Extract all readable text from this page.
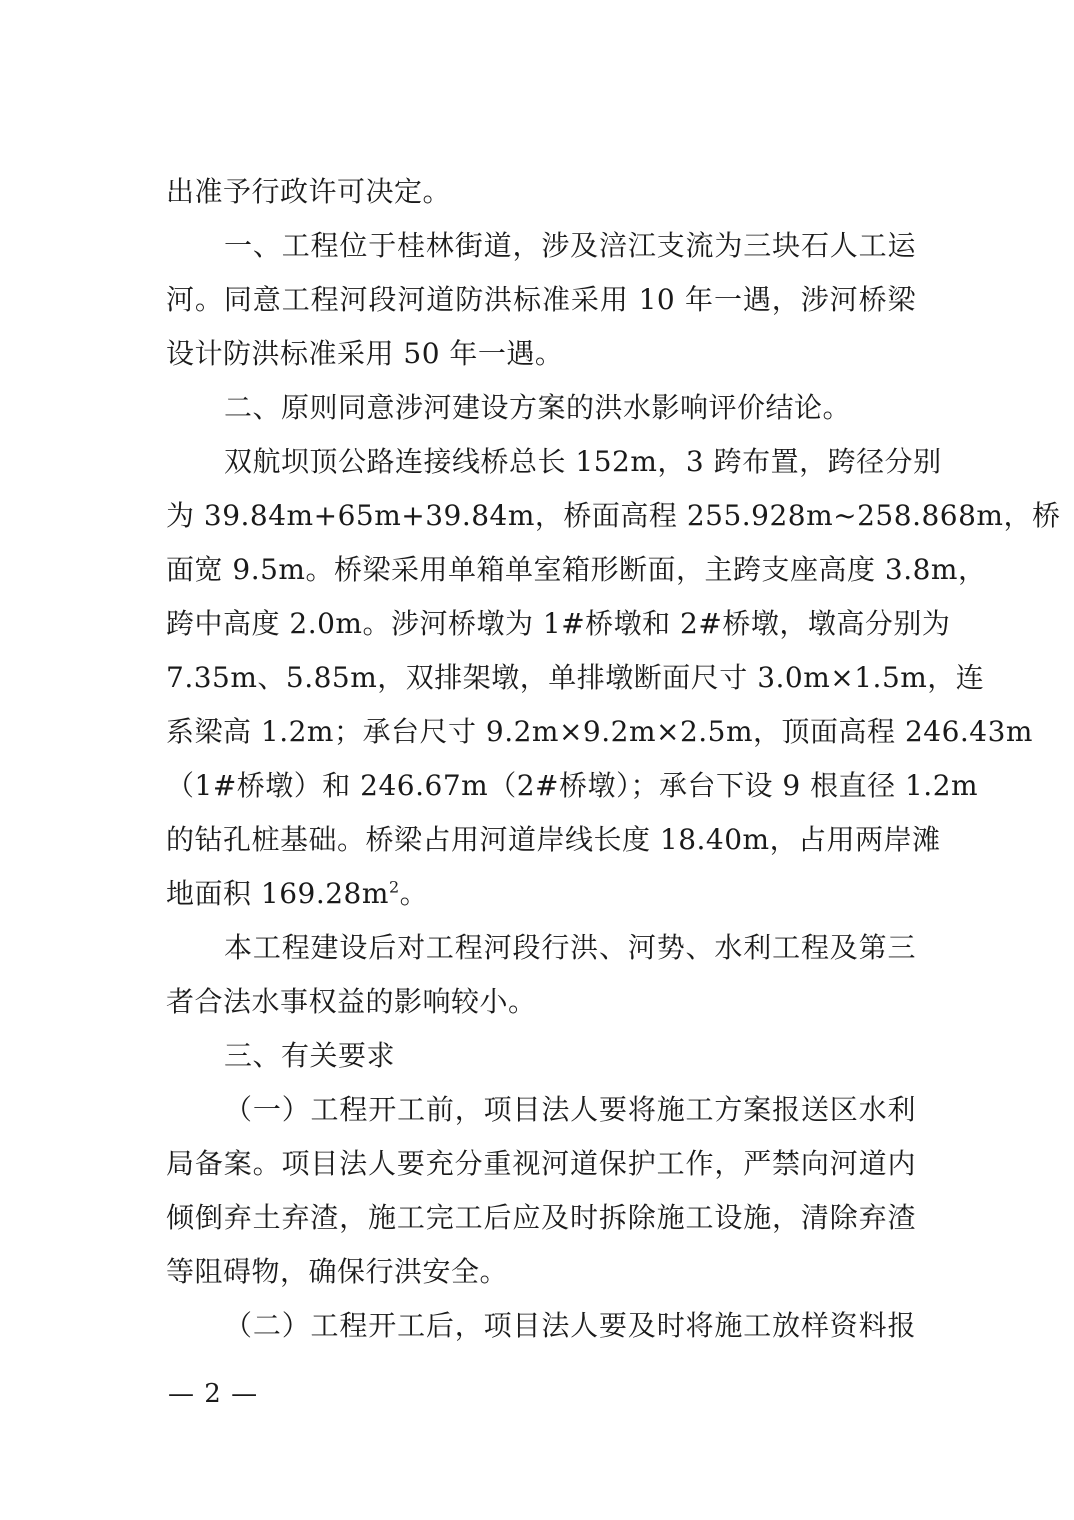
出准予行政许可决定。
一、工程位于桂林街道，涉及涪江支流为三块石人工运
河。同意工程河段河道防洪标准采用 10 年一遇，涉河桥梁
设计防洪标准采用 50 年一遇。
二、原则同意涉河建设方案的洪水影响评价结论。
双航坝顶公路连接线桥总长 152m，3 跨布置，跨径分别
为 39.84m+65m+39.84m，桥面高程 255.928m~258.868m，桥
面宽 9.5m。桥梁采用单箱单室箱形断面，主跨支座高度 3.8m，
跨中高度 2.0m。涉河桥墩为 1#桥墩和 2#桥墩，墩高分别为
7.35m、5.85m，双排架墩，单排墩断面尺寸 3.0m×1.5m，连
系梁高 1.2m；承台尺寸 9.2m×9.2m×2.5m，顶面高程 246.43m
（1#桥墩）和 246.67m（2#桥墩）；承台下设 9 根直径 1.2m
的钻孔桩基础。桥梁占用河道岸线长度 18.40m，占用两岸滩
地面积 $169.28m^2$。
本工程建设后对工程河段行洪、河势、水利工程及第三
者合法水事权益的影响较小。
三、有关要求
（一）工程开工前，项目法人要将施工方案报送区水利
局备案。项目法人要充分重视河道保护工作，严禁向河道内
倾倒弃土弃渣，施工完工后应及时拆除施工设施，清除弃渣
等阻碍物，确保行洪安全。
（二）工程开工后，项目法人要及时将施工放样资料报
— 2 —
